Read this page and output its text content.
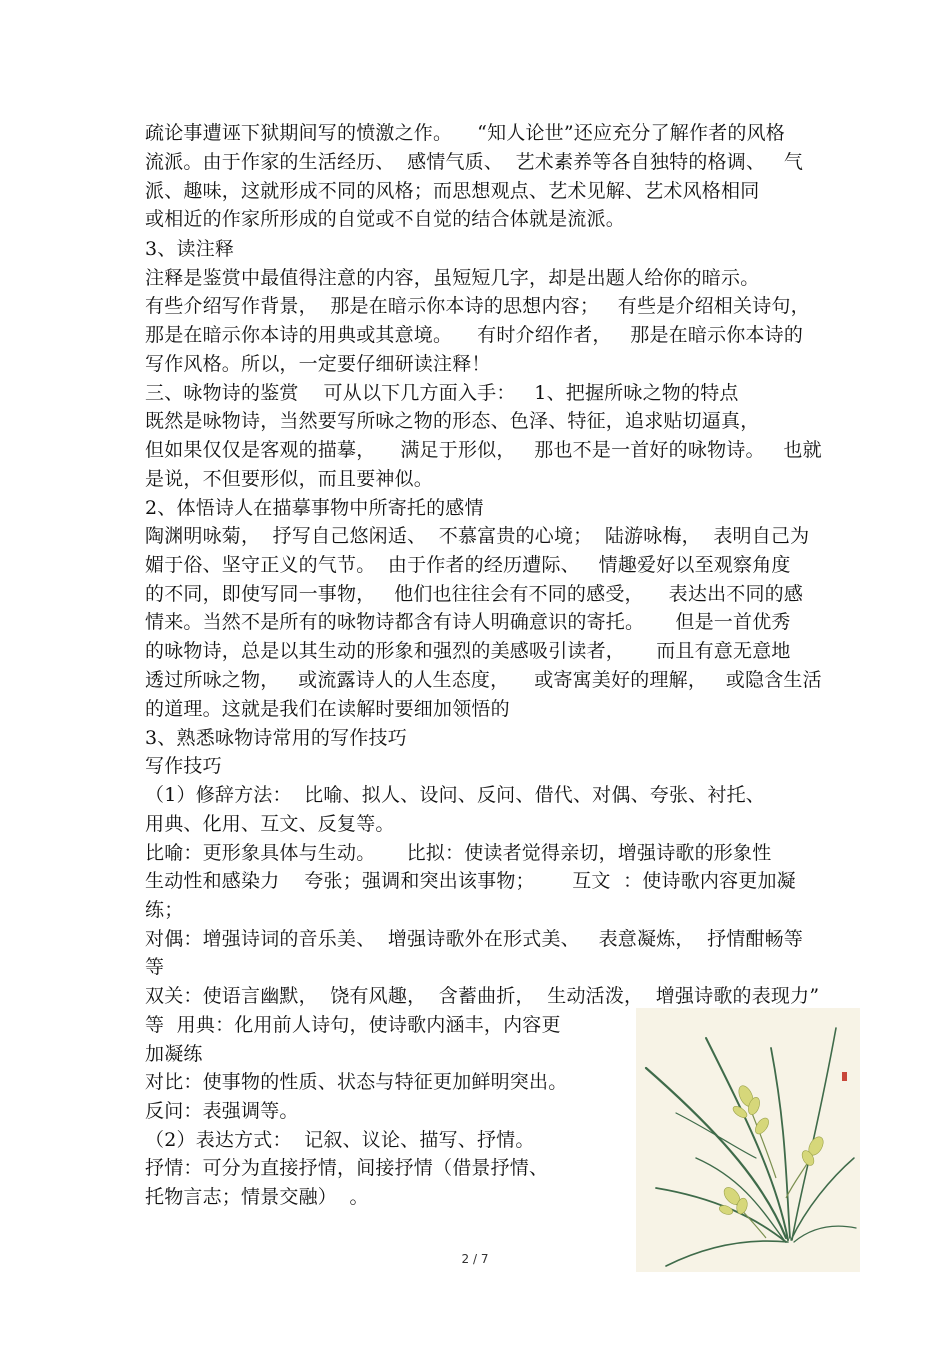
疏论事遭诬下狱期间写的愤激之作。    “知人论世”还应充分了解作者的风格
流派。由于作家的生活经历、  感情气质、  艺术素养等各自独特的格调、   气
派、趣味，这就形成不同的风格；而思想观点、艺术见解、艺术风格相同
或相近的作家所形成的自觉或不自觉的结合体就是流派。
3、读注释
注释是鉴赏中最值得注意的内容，虽短短几字，却是出题人给你的暗示。
有些介绍写作背景，  那是在暗示你本诗的思想内容；   有些是介绍相关诗句，
那是在暗示你本诗的用典或其意境。    有时介绍作者，   那是在暗示你本诗的
写作风格。所以，一定要仔细研读注释！
三、咏物诗的鉴赏    可从以下几方面入手：   1、把握所咏之物的特点
既然是咏物诗，当然要写所咏之物的形态、色泽、特征，追求贴切逼真，
但如果仅仅是客观的描摹，    满足于形似，   那也不是一首好的咏物诗。   也就
是说，不但要形似，而且要神似。
2、体悟诗人在描摹事物中所寄托的感情
陶渊明咏菊，  抒写自己悠闲适、  不慕富贵的心境；  陆游咏梅，  表明自己为
媚于俗、坚守正义的气节。  由于作者的经历遭际、   情趣爱好以至观察角度
的不同，即使写同一事物，   他们也往往会有不同的感受，    表达出不同的感
情来。当然不是所有的咏物诗都含有诗人明确意识的寄托。     但是一首优秀
的咏物诗，总是以其生动的形象和强烈的美感吸引读者，     而且有意无意地
透过所咏之物，   或流露诗人的人生态度，    或寄寓美好的理解，   或隐含生活
的道理。这就是我们在读解时要细加领悟的
3、熟悉咏物诗常用的写作技巧
写作技巧
（1）修辞方法：  比喻、拟人、设问、反问、借代、对偶、夸张、衬托、
用典、化用、互文、反复等。
比喻：更形象具体与生动。     比拟：使读者觉得亲切，增强诗歌的形象性
生动性和感染力    夸张；强调和突出该事物；      互文  ：使诗歌内容更加凝
练；
对偶：增强诗词的音乐美、  增强诗歌外在形式美、   表意凝炼，  抒情酣畅等
等
双关：使语言幽默，  饶有风趣，  含蓄曲折，  生动活泼，  增强诗歌的表现力”
等  用典：化用前人诗句，使诗歌内涵丰，内容更
加凝练
对比：使事物的性质、状态与特征更加鲜明突出。
反问：表强调等。
（2）表达方式：  记叙、议论、描写、抒情。
抒情：可分为直接抒情，间接抒情（借景抒情、
托物言志；情景交融）  。
2 / 7
